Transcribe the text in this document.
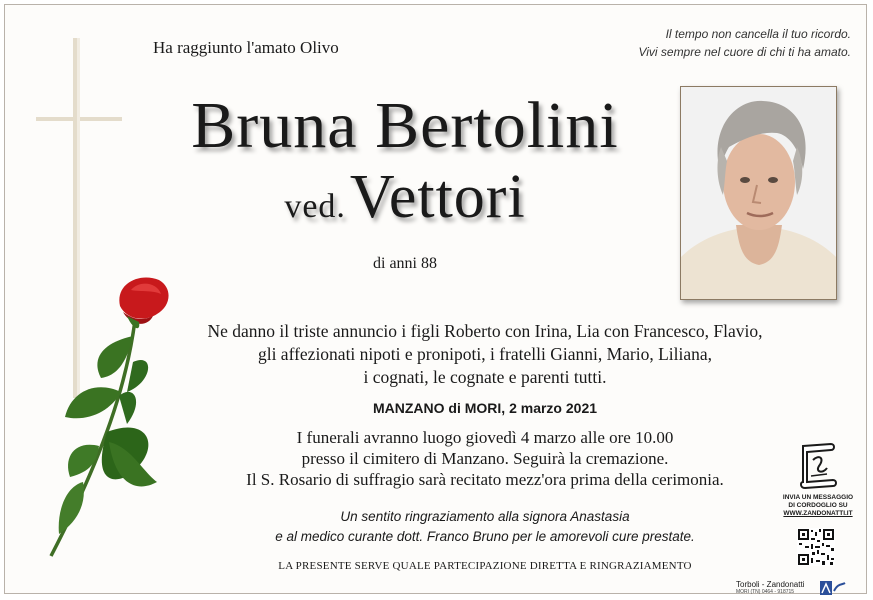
Ha raggiunto l'amato Olivo
Il tempo non cancella il tuo ricordo.
Vivi sempre nel cuore di chi ti ha amato.
Bruna Bertolini
ved. Vettori
di anni 88
Ne danno il triste annuncio i figli Roberto con Irina, Lia con Francesco, Flavio,
gli affezionati nipoti e pronipoti, i fratelli Gianni, Mario, Liliana,
i cognati, le cognate e parenti tutti.
MANZANO di MORI, 2 marzo 2021
I funerali avranno luogo giovedì 4 marzo alle ore 10.00
presso il cimitero di Manzano. Seguirà la cremazione.
Il S. Rosario di suffragio sarà recitato mezz'ora prima della cerimonia.
Un sentito ringraziamento alla signora Anastasia
e al medico curante dott. Franco Bruno per le amorevoli cure prestate.
LA PRESENTE SERVE QUALE PARTECIPAZIONE DIRETTA E RINGRAZIAMENTO
INVIA UN MESSAGGIO
DI CORDOGLIO SU
WWW.ZANDONATTI.IT
Torboli - Zandonatti
MORI (TN) 0464 - 918715
